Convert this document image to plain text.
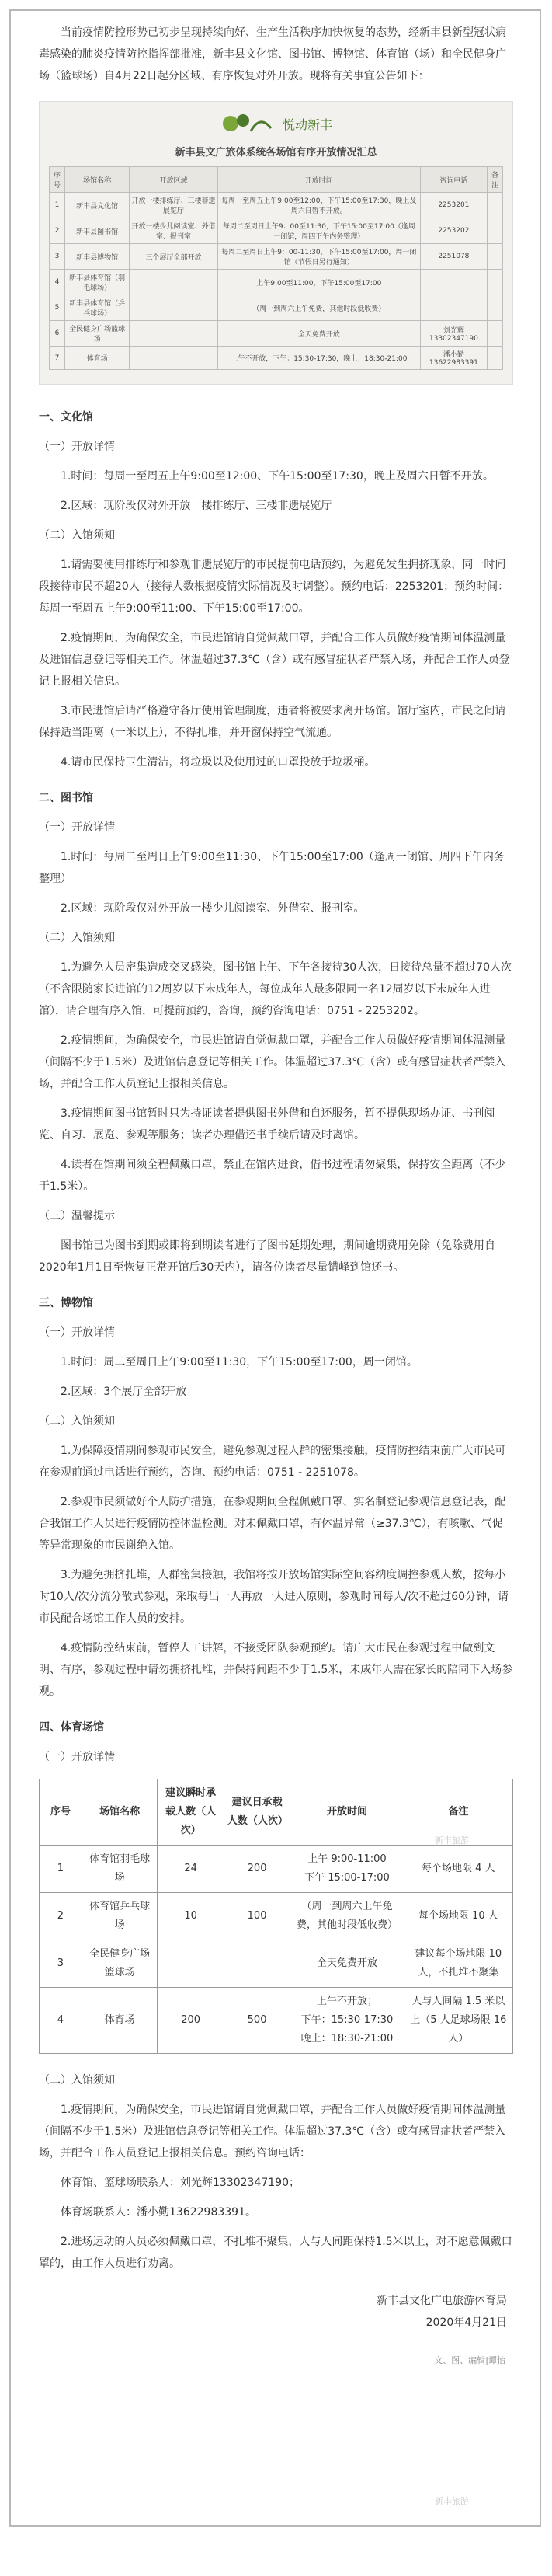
当前疫情防控形势已初步呈现持续向好、生产生活秩序加快恢复的态势，经新丰县新型冠状病毒感染的肺炎疫情防控指挥部批准，新丰县文化馆、图书馆、博物馆、体育馆（场）和全民健身广场（篮球场）自4月22日起分区域、有序恢复对外开放。现将有关事宜公告如下：

悦动新丰
新丰县文广旅体系统各场馆有序开放情况汇总
序号	场馆名称	开放区域	开放时间	咨询电话	备注
1	新丰县文化馆	开放一楼排练厅、三楼非遗展览厅	每周一至周五上午9:00至12:00、下午15:00至17:30，晚上及周六日暂不开放。	2253201	
2	新丰县图书馆	开放一楼少儿阅读室、外借室、报刊室	每周二至周日上午9：00至11:30，下午15:00至17:00（逢周一闭馆，周四下午内务整理）	2253202	
3	新丰县博物馆	三个展厅全部开放	每周二至周日上午9：00-11:30，下午15:00至17:00，周一闭馆（节假日另行通知）	2251078	
4	新丰县体育馆（羽毛球场）		上午9:00至11:00，下午15:00至17:00		
5	新丰县体育馆（乒乓球场）		（周一到周六上午免费，其他时段低收费）		
6	全民健身广场篮球场		全天免费开放	刘光辉13302347190	
7	体育场		上午不开放，下午：15:30-17:30，晚上：18:30-21:00	潘小勤13622983391	
一、文化馆
（一）开放详情

1.时间：每周一至周五上午9:00至12:00、下午15:00至17:30，晚上及周六日暂不开放。

2.区域：现阶段仅对外开放一楼排练厅、三楼非遗展览厅

（二）入馆须知

1.请需要使用排练厅和参观非遗展览厅的市民提前电话预约，为避免发生拥挤现象，同一时间段接待市民不超20人（接待人数根据疫情实际情况及时调整）。预约电话：2253201；预约时间：每周一至周五上午9:00至11:00、下午15:00至17:00。

2.疫情期间，为确保安全，市民进馆请自觉佩戴口罩，并配合工作人员做好疫情期间体温测量及进馆信息登记等相关工作。体温超过37.3℃（含）或有感冒症状者严禁入场，并配合工作人员登记上报相关信息。

3.市民进馆后请严格遵守各厅使用管理制度，违者将被要求离开场馆。馆厅室内，市民之间请保持适当距离（一米以上），不得扎堆，并开窗保持空气流通。

4.请市民保持卫生清洁，将垃圾以及使用过的口罩投放于垃圾桶。

二、图书馆
（一）开放详情

1.时间：每周二至周日上午9:00至11:30、下午15:00至17:00（逢周一闭馆、周四下午内务整理）

2.区域：现阶段仅对外开放一楼少儿阅读室、外借室、报刊室。

（二）入馆须知

1.为避免人员密集造成交叉感染，图书馆上午、下午各接待30人次，日接待总量不超过70人次（不含限随家长进馆的12周岁以下未成年人，每位成年人最多限同一名12周岁以下未成年人进馆），请合理有序入馆，可提前预约，咨询，预约咨询电话：0751 - 2253202。

2.疫情期间，为确保安全，市民进馆请自觉佩戴口罩，并配合工作人员做好疫情期间体温测量（间隔不少于1.5米）及进馆信息登记等相关工作。体温超过37.3℃（含）或有感冒症状者严禁入场，并配合工作人员登记上报相关信息。

3.疫情期间图书馆暂时只为持证读者提供图书外借和自还服务，暂不提供现场办证、书刊阅览、自习、展览、参观等服务；读者办理借还书手续后请及时离馆。

4.读者在馆期间须全程佩戴口罩，禁止在馆内进食，借书过程请勿聚集，保持安全距离（不少于1.5米）。

（三）温馨提示

图书馆已为图书到期或即将到期读者进行了图书延期处理，期间逾期费用免除（免除费用自2020年1月1日至恢复正常开馆后30天内），请各位读者尽量错峰到馆还书。

三、博物馆
（一）开放详情

1.时间：周二至周日上午9:00至11:30，下午15:00至17:00，周一闭馆。

2.区域：3个展厅全部开放

（二）入馆须知

1.为保障疫情期间参观市民安全，避免参观过程人群的密集接触，疫情防控结束前广大市民可在参观前通过电话进行预约，咨询、预约电话：0751 - 2251078。

2.参观市民须做好个人防护措施，在参观期间全程佩戴口罩、实名制登记参观信息登记表，配合我馆工作人员进行疫情防控体温检测。对未佩戴口罩，有体温异常（≥37.3℃），有咳嗽、气促等异常现象的市民谢绝入馆。

3.为避免拥挤扎堆，人群密集接触，我馆将按开放场馆实际空间容纳度调控参观人数，按每小时10人/次分流分散式参观，采取每出一人再放一人进入原则，参观时间每人/次不超过60分钟，请市民配合场馆工作人员的安排。

4.疫情防控结束前，暂停人工讲解，不接受团队参观预约。请广大市民在参观过程中做到文明、有序，参观过程中请勿拥挤扎堆，并保持间距不少于1.5米，未成年人需在家长的陪同下入场参观。

四、体育场馆
（一）开放详情
序号	场馆名称	建议瞬时承载人数（人次）	建议日承载人数（人次）	开放时间	备注
1	体育馆羽毛球场	24	200	上午 9:00-11:00
下午 15:00-17:00	每个场地限 4 人
2	体育馆乒乓球场	10	100	（周一到周六上午免费，其他时段低收费）	每个场地限 10 人
3	全民健身广场篮球场			全天免费开放	建议每个场地限 10 人，不扎堆不聚集
4	体育场	200	500	上午不开放；
下午：15:30-17:30
晚上：18:30-21:00	人与人间隔 1.5 米以上（5 人足球场限 16 人）
（二）入馆须知

1.疫情期间，为确保安全，市民进馆请自觉佩戴口罩，并配合工作人员做好疫情期间体温测量（间隔不少于1.5米）及进馆信息登记等相关工作。体温超过37.3℃（含）或有感冒症状者严禁入场，并配合工作人员登记上报相关信息。预约咨询电话：

体育馆、篮球场联系人：刘光辉13302347190；

体育场联系人：潘小勤13622983391。

2.进场运动的人员必须佩戴口罩，不扎堆不聚集，人与人间距保持1.5米以上，对不愿意佩戴口罩的，由工作人员进行劝离。

新丰县文化广电旅游体育局
2020年4月21日
文、图、编辑|谭怡
新丰旅游
新丰旅游
